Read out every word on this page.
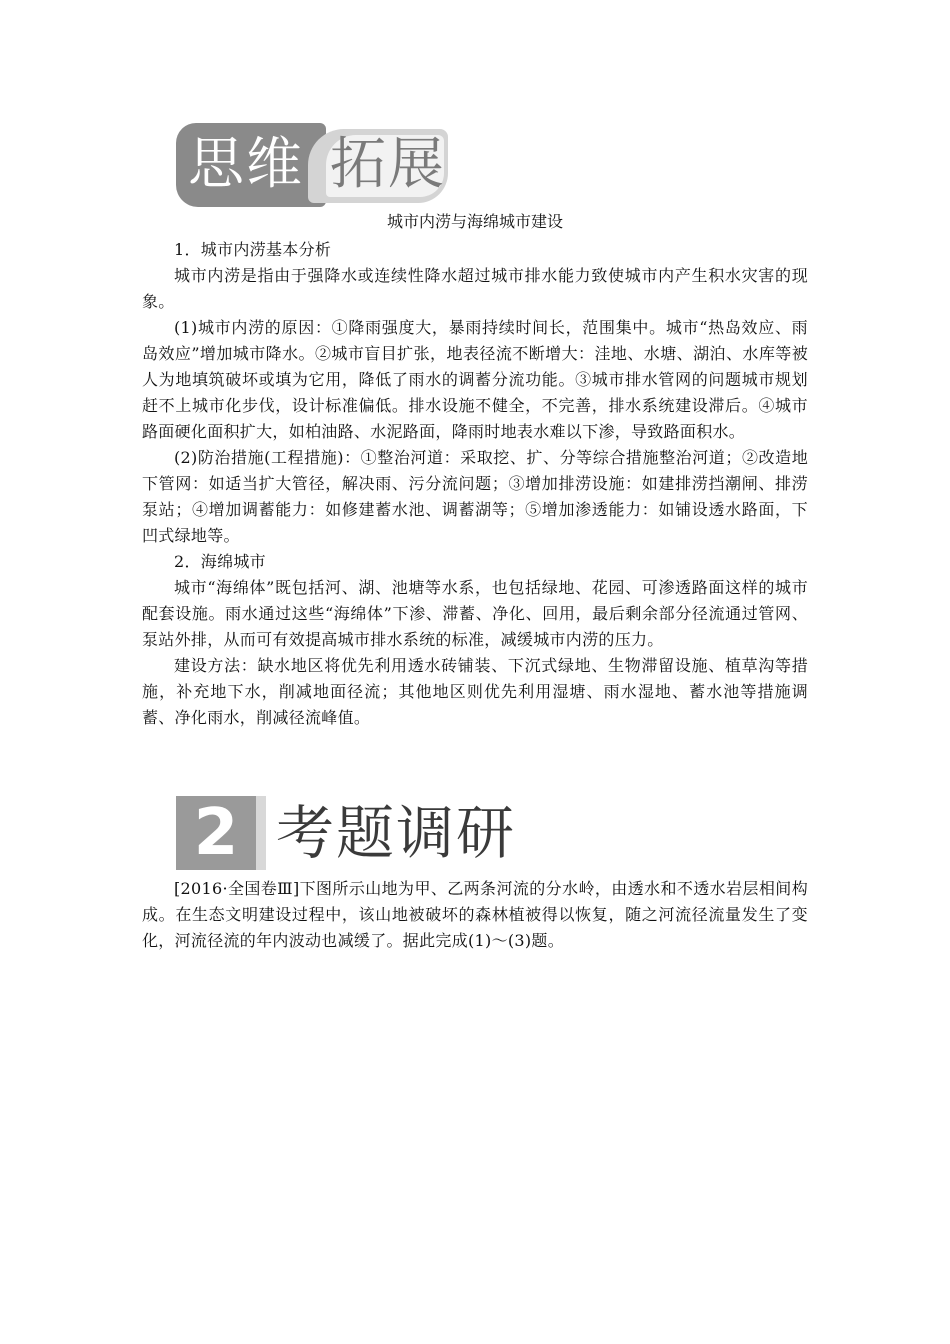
思维 拓展
城市内涝与海绵城市建设

1．城市内涝基本分析

城市内涝是指由于强降水或连续性降水超过城市排水能力致使城市内产生积水灾害的现象。

(1)城市内涝的原因：①降雨强度大，暴雨持续时间长，范围集中。城市“热岛效应、雨岛效应”增加城市降水。②城市盲目扩张，地表径流不断增大：洼地、水塘、湖泊、水库等被人为地填筑破坏或填为它用，降低了雨水的调蓄分流功能。③城市排水管网的问题城市规划赶不上城市化步伐，设计标准偏低。排水设施不健全，不完善，排水系统建设滞后。④城市路面硬化面积扩大，如柏油路、水泥路面，降雨时地表水难以下渗，导致路面积水。

(2)防治措施(工程措施)：①整治河道：采取挖、扩、分等综合措施整治河道；②改造地下管网：如适当扩大管径，解决雨、污分流问题；③增加排涝设施：如建排涝挡潮闸、排涝泵站；④增加调蓄能力：如修建蓄水池、调蓄湖等；⑤增加渗透能力：如铺设透水路面，下凹式绿地等。

2．海绵城市

城市“海绵体”既包括河、湖、池塘等水系，也包括绿地、花园、可渗透路面这样的城市配套设施。雨水通过这些“海绵体”下渗、滞蓄、净化、回用，最后剩余部分径流通过管网、泵站外排，从而可有效提高城市排水系统的标准，减缓城市内涝的压力。

建设方法：缺水地区将优先利用透水砖铺装、下沉式绿地、生物滞留设施、植草沟等措施，补充地下水，削减地面径流；其他地区则优先利用湿塘、雨水湿地、蓄水池等措施调蓄、净化雨水，削减径流峰值。

2 考题调研

[2016·全国卷Ⅲ]下图所示山地为甲、乙两条河流的分水岭，由透水和不透水岩层相间构成。在生态文明建设过程中，该山地被破坏的森林植被得以恢复，随之河流径流量发生了变化，河流径流的年内波动也减缓了。据此完成(1)～(3)题。
